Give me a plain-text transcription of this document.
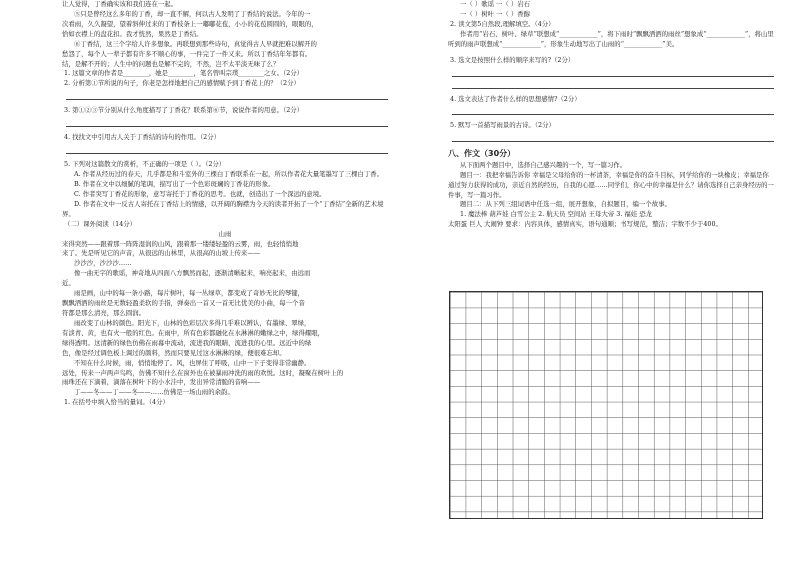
让人觉得，丁香确实该和我们连在一起。

⑤只是曾经这么多年的丁香，却一直不解，何以古人发明了丁香结的说法。今年的一

次看雨，久久凝望，望着斜伸过来的丁香枝条上一嘟嘟花苞，小小的花苞圆圆的，眼眼的，

恰如衣襟上的盘花扣。我才恍然，果然是丁香结。

⑥丁香结，这三个字给人许多想象。再联想到那些诗句，真觉得古人早就把难以解开的

愁怨了，每个人一辈子都有许多不顺心的事，一件完了一件又来。所以丁香结年年都有。

结，是解不开的；人生中的问题也是解不完的，不然，岂不太平淡无味了么？

1. 这篇文章的作者是________，她是________，笔名曾叫宗璞________之女。（2分）

2. 分析第①节所说的句子，你老是怎样地把自己的感情赋予到丁香花上的？（2分）

3. 第①②③节分别从什么角度描写了丁香花？联系第⑥节，说说作者的用意。（2分）

4. 找找文中引用古人关于丁香结的诗句的作用。（2分）

5. 下列对这篇散文的赏析，不正确的一项是（ ）。（2分）

A. 作者从经历过的春天，几乎都是和斗室外的三棵白丁香联系在一起，所以作者花大量笔墨写了三棵白丁香。

B. 作者在文中以细腻的笔调，描写出了一个色彩斑斓的丁香花的形象。

C. 作者突写丁香花的形象，意写寄托于丁香花的思考。也就，创造出了一个深远的意境。

D. 作者在文中一反古人寄托在丁香结上的情感，以开阔的胸襟为今天的读者开拓了一个“丁香结”全新的艺术境界。

（二）课外阅读（14分）

山雨

来得突然——跟着那一阵阵湿润的山风，跟着那一缕缕轻盈的云雾，雨，也轻悄悄地

来了。先是听见它的声音，从很远的山林里，从很高的山坡上传来——

沙沙沙，沙沙沙……

像一曲无字的歌谣，神奇地从四面八方飘然而起，逐渐清晰起来，响亮起来，由远而

近。

雨是画，山中的每一条小路，每片树叶，每一丛绿草，都变成了奇妙无比的琴键，

飘飘洒洒的雨丝是无数轻盈柔软的手指，弹奏出一首又一首无比优美的小曲，每一个音

符都是那么清亮，那么圆润。

雨改变了山林的颜色。阳光下，山林的色彩层次多得几乎难以辨认，有墨绿、翠绿，

有淡青、黄，也有火一般的红色。在雨中，所有色彩都融化在水淋淋的嫩绿之中，绿得耀眼，

绿得透明。这清新的绿色仿佛在雨幕中流动，流进我的眼睛，流进我的心里。远近中的绿

色，像是经过调色板上调过的颜料，然而只要见过这水淋淋的绿，便很难忘却。

不知在什么时候，雨，悄悄地停了。风，也屏住了呼吸，山中一下子变得非常幽静。

远处，传来一声两声鸟鸣，仿佛不知什么在窗外也在被暴雨冲洗的雨的欢悦。这时，凝聚在树叶上的

雨珠还在下滴着，滴落在树叶下的小水洼中，发出异常清脆的音响——

丁——冬——丁——冬——……仿佛是一场山雨的余韵。

1. 在括号中填入恰当的量词。（4分）

一（ ）歌谣 一（ ）岩石

一（ ）树叶 一（ ）香醇

2. 读文第5自然段,理解填空。（4分）

作者用“岩石、树叶、绿草”联想成“____________”，将下雨时“飘飘洒洒的雨丝”想象成“____________”，将山里听到的雨声联想成“____________”，形象生动地写出了山雨的“____________”美。

3. 选文是按照什么样的顺序来写的?（2分）

4. 选文表达了作者什么样的思想感情?（2分）

5. 默写一首描写雨景的古诗。（2分）

八、作文（30分）

从下面两个题目中，选择自己感兴趣的一个，写一篇习作。

题目一：我把幸福告诉你 幸福是父母给你的一杯清茶，幸福是你的奋斗目标，同学给你的一块橡皮；幸福是你通过努力获得的成功，亲近自然的经历，自我的心愿……同学们，你心中的幸福是什么？请你选择自己亲身经历的一件事，写一篇习作。

题目二：从下列三组词语中任选一组，展开想象，自拟题目，编一个故事。

1. 魔法棒 葫芦娃 白雪公主 2. 航天员 空间站 王母大帝 3. 福娃 恐龙

太阳蛋 巨人 大闹钟 要求：内容具体，感情真实，语句通顺；书写规范，整洁；字数不少于400。
